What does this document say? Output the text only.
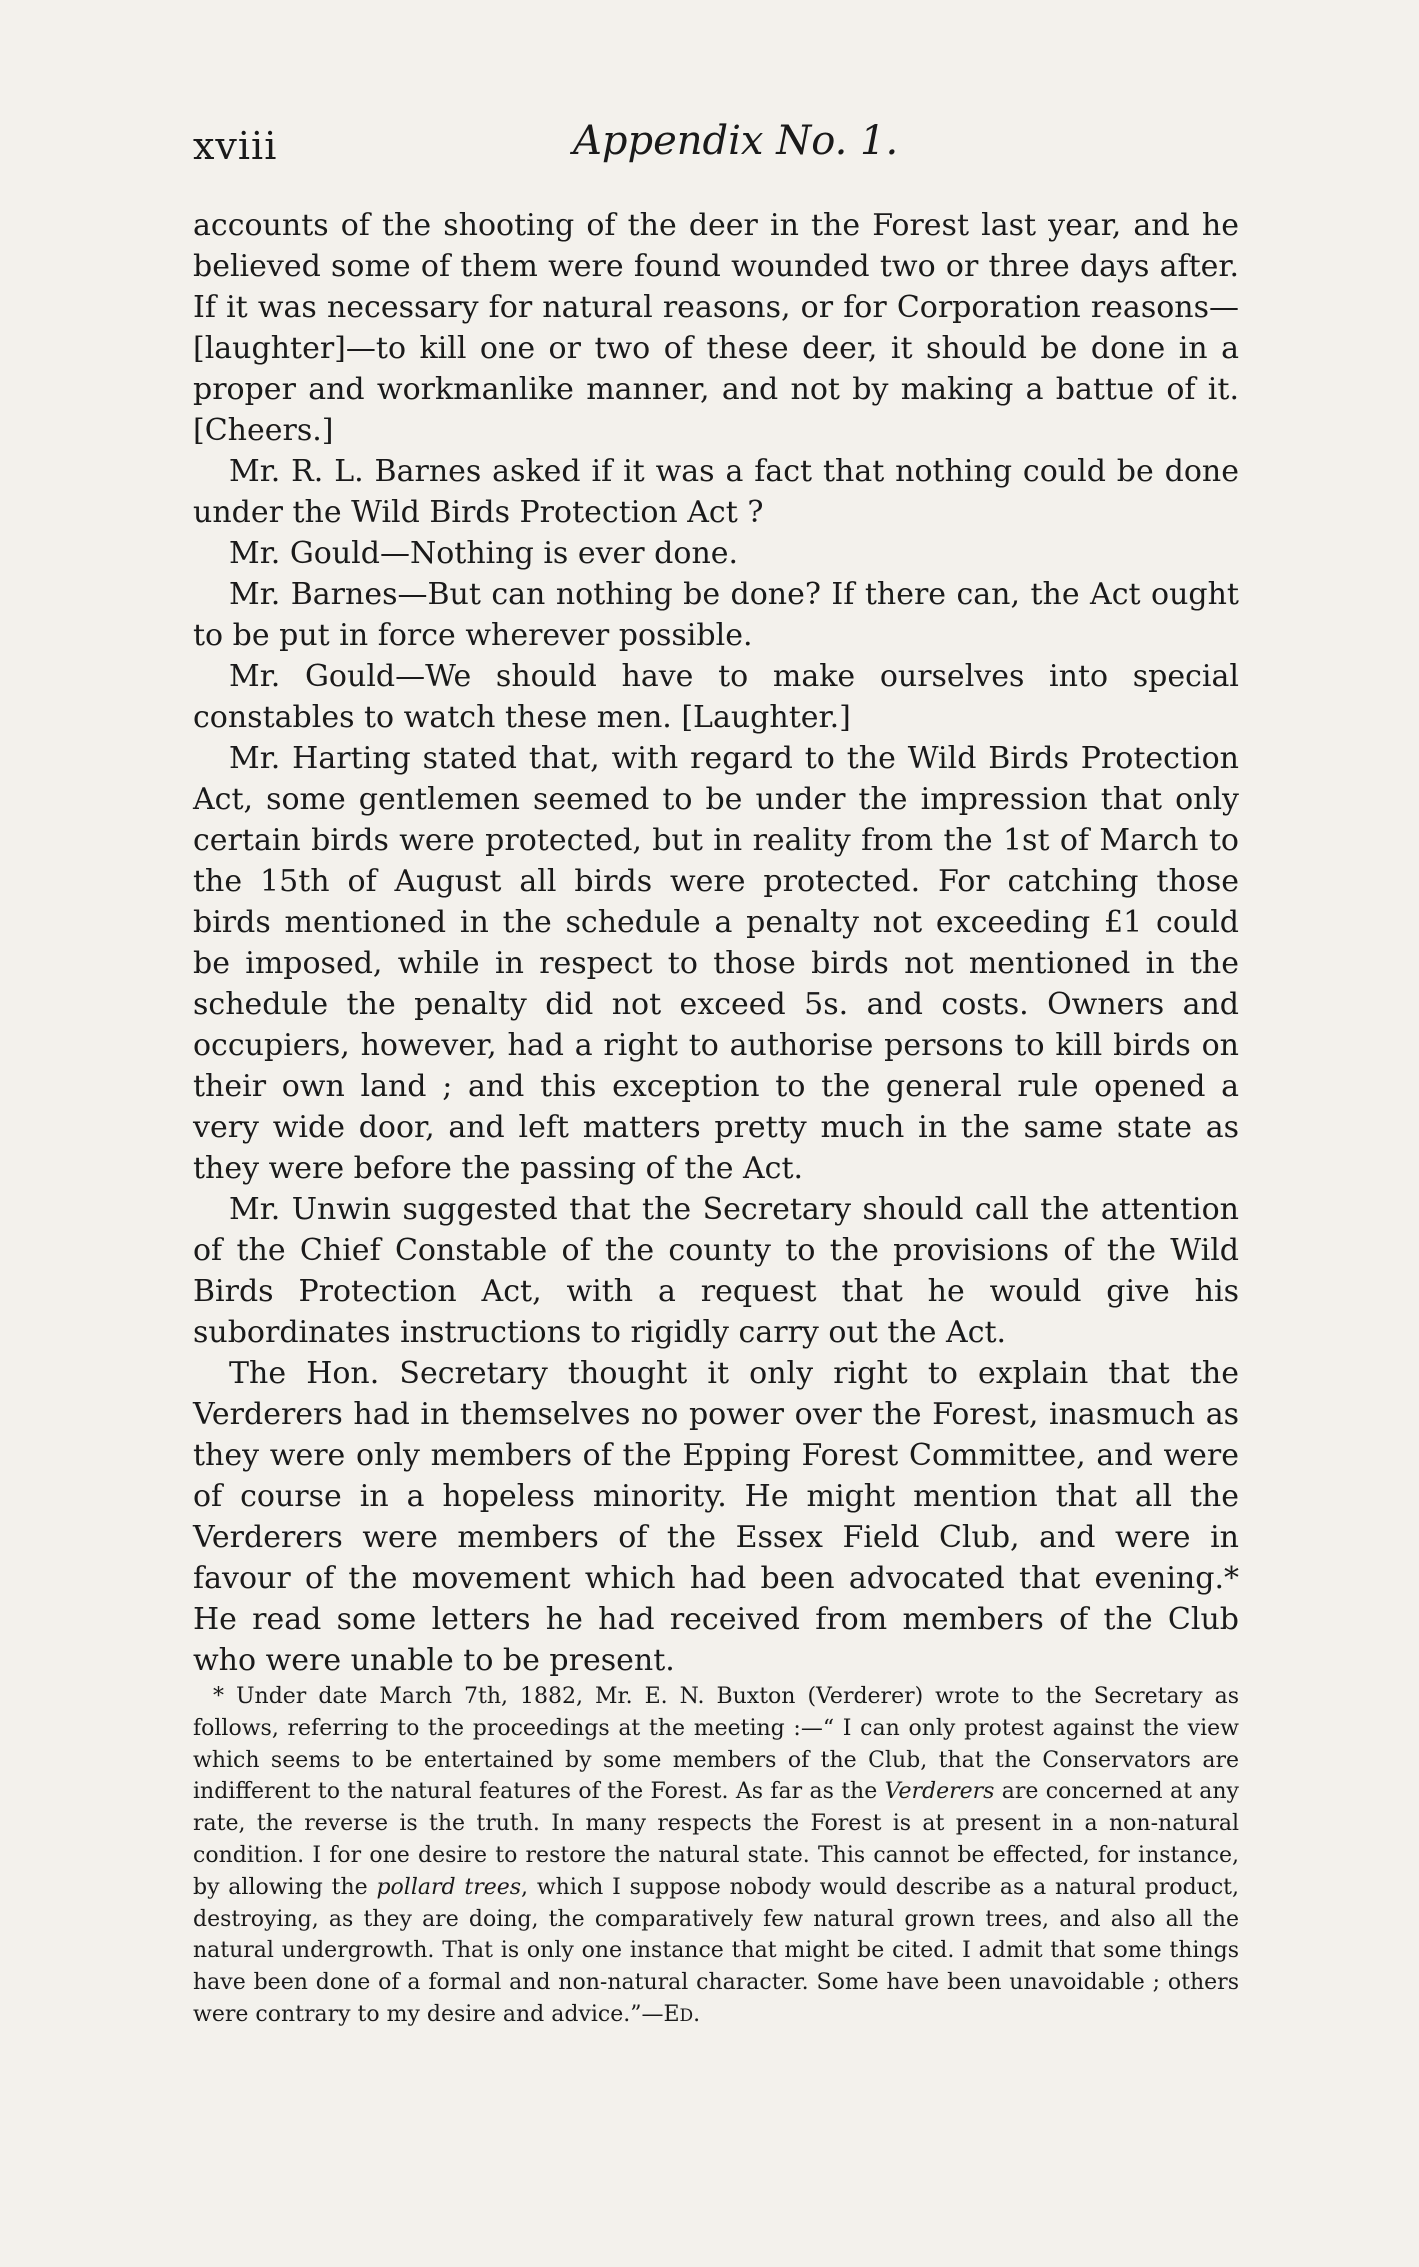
xviii	Appendix No. 1.

accounts of the shooting of the deer in the Forest last year, and he believed some of them were found wounded two or three days after. If it was necessary for natural reasons, or for Corporation reasons— [laughter]—to kill one or two of these deer, it should be done in a proper and workmanlike manner, and not by making a battue of it. [Cheers.]

Mr. R. L. Barnes asked if it was a fact that nothing could be done under the Wild Birds Protection Act ?

Mr. Gould—Nothing is ever done.

Mr. Barnes—But can nothing be done? If there can, the Act ought to be put in force wherever possible.

Mr. Gould—We should have to make ourselves into special constables to watch these men. [Laughter.]

Mr. Harting stated that, with regard to the Wild Birds Protection Act, some gentlemen seemed to be under the impression that only certain birds were protected, but in reality from the 1st of March to the 15th of August all birds were protected. For catching those birds mentioned in the schedule a penalty not exceeding £1 could be imposed, while in respect to those birds not mentioned in the schedule the penalty did not exceed 5s. and costs. Owners and occupiers, however, had a right to authorise persons to kill birds on their own land ; and this exception to the general rule opened a very wide door, and left matters pretty much in the same state as they were before the passing of the Act.

Mr. Unwin suggested that the Secretary should call the attention of the Chief Constable of the county to the provisions of the Wild Birds Protection Act, with a request that he would give his subordinates instructions to rigidly carry out the Act.

The Hon. Secretary thought it only right to explain that the Verderers had in themselves no power over the Forest, inasmuch as they were only members of the Epping Forest Committee, and were of course in a hopeless minority. He might mention that all the Verderers were members of the Essex Field Club, and were in favour of the movement which had been advocated that evening.* He read some letters he had received from members of the Club who were unable to be present.

* Under date March 7th, 1882, Mr. E. N. Buxton (Verderer) wrote to the Secretary as follows, referring to the proceedings at the meeting :—“ I can only protest against the view which seems to be entertained by some members of the Club, that the Conservators are indifferent to the natural features of the Forest. As far as the Verderers are concerned at any rate, the reverse is the truth. In many respects the Forest is at present in a non-natural condition. I for one desire to restore the natural state. This cannot be effected, for instance, by allowing the pollard trees, which I suppose nobody would describe as a natural product, destroying, as they are doing, the comparatively few natural grown trees, and also all the natural undergrowth. That is only one instance that might be cited. I admit that some things have been done of a formal and non-natural character. Some have been unavoidable ; others were contrary to my desire and advice.”—ED.
